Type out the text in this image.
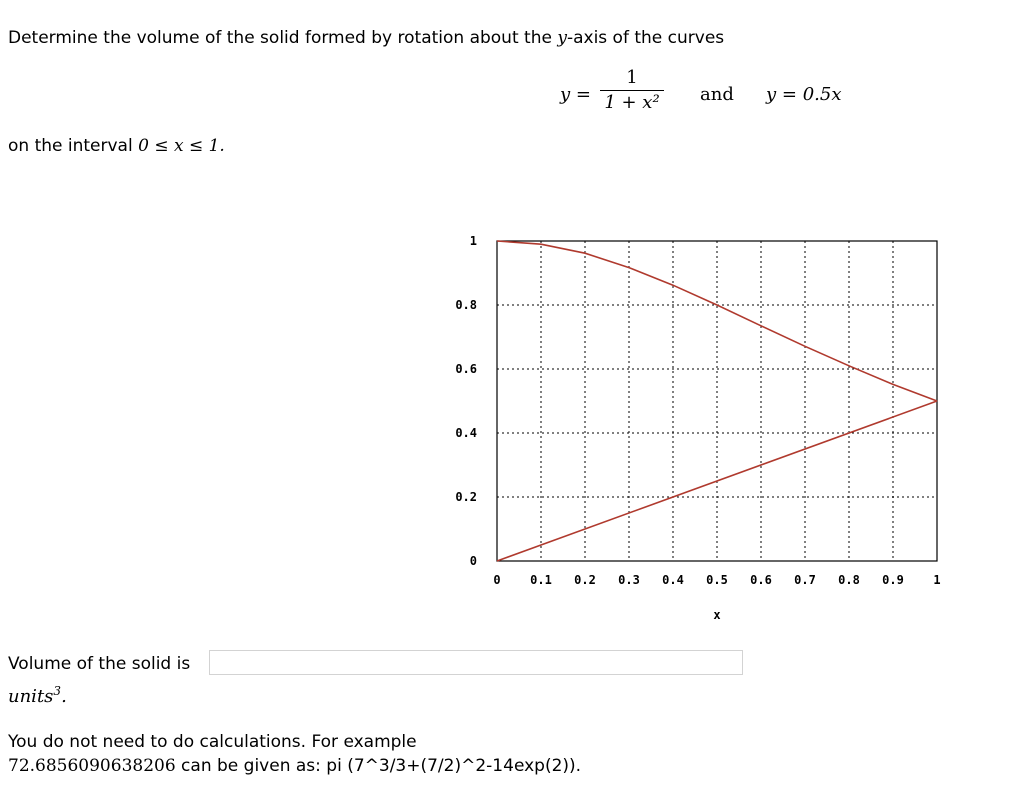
Determine the volume of the solid formed by rotation about the y-axis of the curves
$y = \frac{1}{\text{1 + x²}}$ and y = 0.5x
on the interval 0 ≤ x ≤ 1.
0 0.1 0.2 0.3 0.4 0.5 0.6 0.7 0.8 0.9 1
0
0.2
0.4
0.6
0.8
1
x
Volume of the solid is
units$^3$.
You do not need to do calculations. For example
72.6856090638206 can be given as: pi (7^3/3+(7/2)^2-14exp(2)).
